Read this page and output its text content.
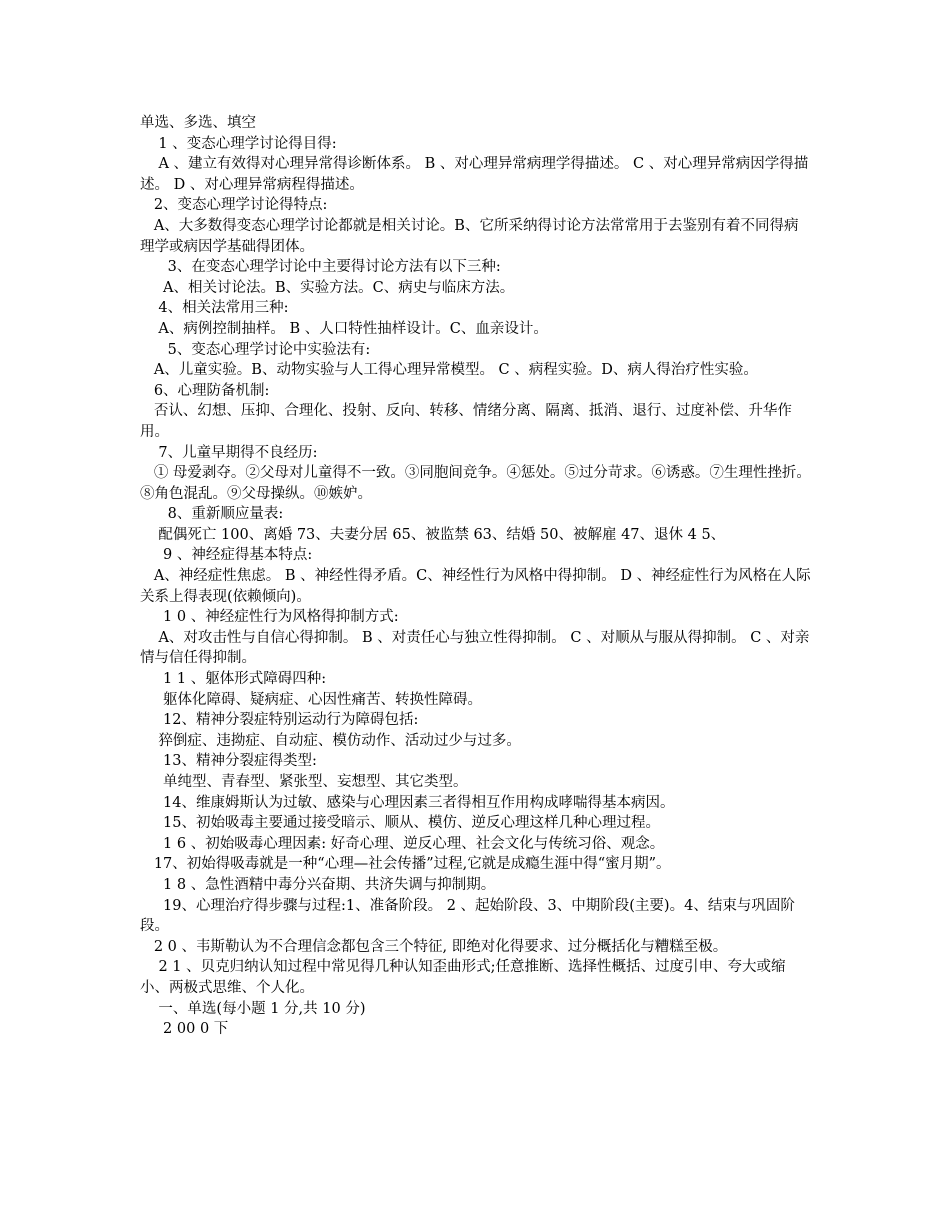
单选、多选、填空
1 、变态心理学讨论得目得:
A 、建立有效得对心理异常得诊断体系。 B 、对心理异常病理学得描述。 C 、对心理异常病因学得描述。 D 、对心理异常病程得描述。
2、变态心理学讨论得特点:
A、大多数得变态心理学讨论都就是相关讨论。B、它所采纳得讨论方法常常用于去鉴别有着不同得病理学或病因学基础得团体。
3、在变态心理学讨论中主要得讨论方法有以下三种:
A、相关讨论法。B、实验方法。C、病史与临床方法。
4、相关法常用三种:
A、病例控制抽样。 B 、人口特性抽样设计。C、血亲设计。
5、变态心理学讨论中实验法有:
A、儿童实验。B、动物实验与人工得心理异常模型。 C 、病程实验。D、病人得治疗性实验。
6、心理防备机制:
否认、幻想、压抑、合理化、投射、反向、转移、情绪分离、隔离、抵消、退行、过度补偿、升华作用。
7、儿童早期得不良经历:
① 母爱剥夺。②父母对儿童得不一致。③同胞间竞争。④惩处。⑤过分苛求。⑥诱惑。⑦生理性挫折。⑧角色混乱。⑨父母操纵。⑩嫉妒。
8、重新顺应量表:
配偶死亡 100、离婚 73、夫妻分居 65、被监禁 63、结婚 50、被解雇 47、退休 4 5、
9 、神经症得基本特点:
A、神经症性焦虑。 B 、神经性得矛盾。C、神经性行为风格中得抑制。 D 、神经症性行为风格在人际关系上得表现(依赖倾向)。
1 0 、神经症性行为风格得抑制方式:
A、对攻击性与自信心得抑制。 B 、对责任心与独立性得抑制。 C 、对顺从与服从得抑制。 C 、对亲情与信任得抑制。
1 1 、躯体形式障碍四种:
躯体化障碍、疑病症、心因性痛苦、转换性障碍。
12、精神分裂症特别运动行为障碍包括:
猝倒症、违拗症、自动症、模仿动作、活动过少与过多。
13、精神分裂症得类型:
单纯型、青春型、紧张型、妄想型、其它类型。
14、维康姆斯认为过敏、感染与心理因素三者得相互作用构成哮喘得基本病因。
15、初始吸毒主要通过接受暗示、顺从、模仿、逆反心理这样几种心理过程。
1 6 、初始吸毒心理因素: 好奇心理、逆反心理、社会文化与传统习俗、观念。
17、初始得吸毒就是一种“心理—社会传播”过程,它就是成瘾生涯中得“蜜月期”。
1 8 、急性酒精中毒分兴奋期、共济失调与抑制期。
19、心理治疗得步骤与过程:1、准备阶段。 2 、起始阶段、3、中期阶段(主要)。4、结束与巩固阶段。
2 0 、韦斯勒认为不合理信念都包含三个特征, 即绝对化得要求、过分概括化与糟糕至极。
2 1 、贝克归纳认知过程中常见得几种认知歪曲形式;任意推断、选择性概括、过度引申、夸大或缩小、两极式思维、个人化。
一、单选(每小题 1 分,共 10 分)
2 00 0 下
